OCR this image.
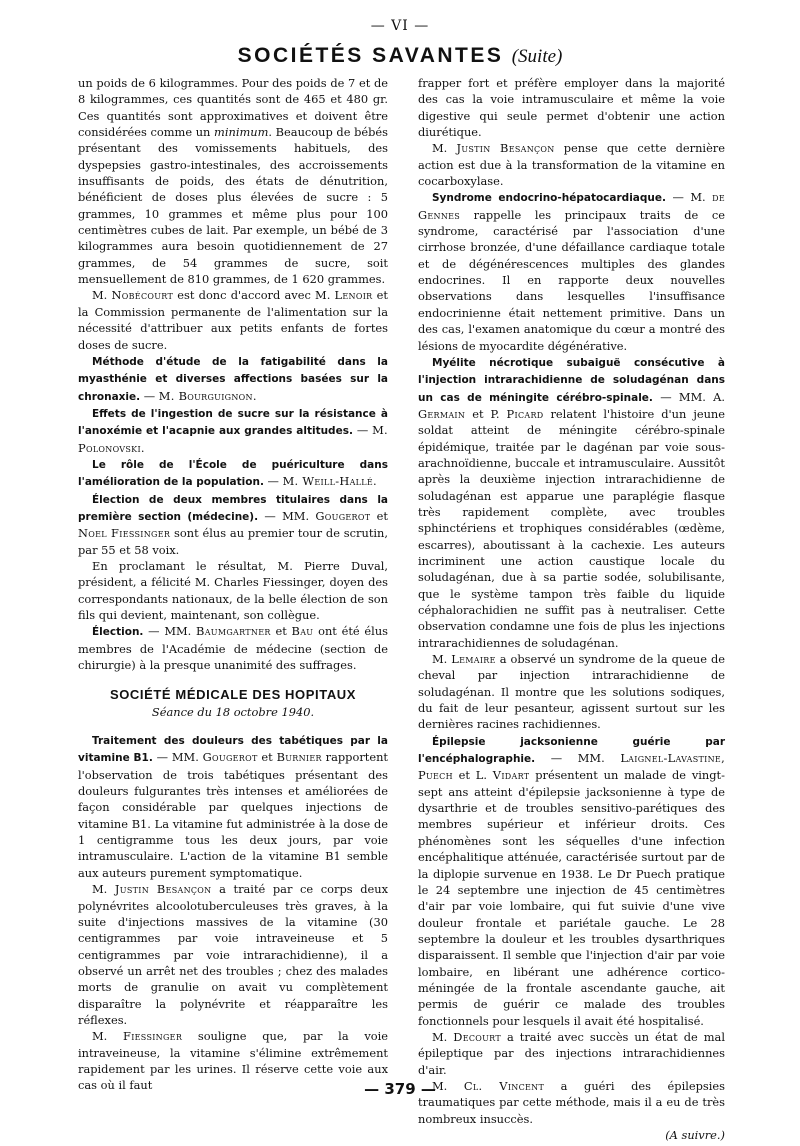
— VI —
SOCIÉTÉS SAVANTES (Suite)

un poids de 6 kilogrammes. Pour des poids de 7 et de 8 kilogrammes, ces quantités sont de 465 et 480 gr. Ces quantités sont approximatives et doivent être considérées comme un minimum. Beaucoup de bébés présentant des vomissements habituels, des dyspepsies gastro-intestinales, des accroissements insuffisants de poids, des états de dénutrition, bénéficient de doses plus élevées de sucre : 5 grammes, 10 grammes et même plus pour 100 centimètres cubes de lait. Par exemple, un bébé de 3 kilogrammes aura besoin quotidiennement de 27 grammes, de 54 grammes de sucre, soit mensuellement de 810 grammes, de 1 620 grammes.

M. Nobécourt est donc d'accord avec M. Lenoir et la Commission permanente de l'alimentation sur la nécessité d'attribuer aux petits enfants de fortes doses de sucre.

Méthode d'étude de la fatigabilité dans la myasthénie et diverses affections basées sur la chronaxie. — M. Bourguignon.

Effets de l'ingestion de sucre sur la résistance à l'anoxémie et l'acapnie aux grandes altitudes. — M. Polonovski.

Le rôle de l'École de puériculture dans l'amélioration de la population. — M. Weill-Hallé.

Élection de deux membres titulaires dans la première section (médecine). — MM. Gougerot et Noel Fiessinger sont élus au premier tour de scrutin, par 55 et 58 voix.

En proclamant le résultat, M. Pierre Duval, président, a félicité M. Charles Fiessinger, doyen des correspondants nationaux, de la belle élection de son fils qui devient, maintenant, son collègue.

Élection. — MM. Baumgartner et Bau ont été élus membres de l'Académie de médecine (section de chirurgie) à la presque unanimité des suffrages.

SOCIÉTÉ MÉDICALE DES HOPITAUX

Séance du 18 octobre 1940.

Traitement des douleurs des tabétiques par la vitamine B1. — MM. Gougerot et Burnier rapportent l'observation de trois tabétiques présentant des douleurs fulgurantes très intenses et améliorées de façon considérable par quelques injections de vitamine B1. La vitamine fut administrée à la dose de 1 centigramme tous les deux jours, par voie intramusculaire. L'action de la vitamine B1 semble aux auteurs purement symptomatique.

M. Justin Besançon a traité par ce corps deux polynévrites alcoolotuberculeuses très graves, à la suite d'injections massives de la vitamine (30 centigrammes par voie intraveineuse et 5 centigrammes par voie intrarachidienne), il a observé un arrêt net des troubles ; chez des malades morts de granulie on avait vu complètement disparaître la polynévrite et réapparaître les réflexes.

M. Fiessinger souligne que, par la voie intraveineuse, la vitamine s'élimine extrêmement rapidement par les urines. Il réserve cette voie aux cas où il faut

frapper fort et préfère employer dans la majorité des cas la voie intramusculaire et même la voie digestive qui seule permet d'obtenir une action diurétique.

M. Justin Besançon pense que cette dernière action est due à la transformation de la vitamine en cocarboxylase.

Syndrome endocrino-hépatocardiaque. — M. de Gennes rappelle les principaux traits de ce syndrome, caractérisé par l'association d'une cirrhose bronzée, d'une défaillance cardiaque totale et de dégénérescences multiples des glandes endocrines. Il en rapporte deux nouvelles observations dans lesquelles l'insuffisance endocrinienne était nettement primitive. Dans un des cas, l'examen anatomique du cœur a montré des lésions de myocardite dégénérative.

Myélite nécrotique subaiguë consécutive à l'injection intrarachidienne de soludagénan dans un cas de méningite cérébro-spinale. — MM. A. Germain et P. Picard relatent l'histoire d'un jeune soldat atteint de méningite cérébro-spinale épidémique, traitée par le dagénan par voie sous-arachnoïdienne, buccale et intramusculaire. Aussitôt après la deuxième injection intrarachidienne de soludagénan est apparue une paraplégie flasque très rapidement complète, avec troubles sphinctériens et trophiques considérables (œdème, escarres), aboutissant à la cachexie. Les auteurs incriminent une action caustique locale du soludagénan, due à sa partie sodée, solubilisante, que le système tampon très faible du liquide céphalorachidien ne suffit pas à neutraliser. Cette observation condamne une fois de plus les injections intrarachidiennes de soludagénan.

M. Lemaire a observé un syndrome de la queue de cheval par injection intrarachidienne de soludagénan. Il montre que les solutions sodiques, du fait de leur pesanteur, agissent surtout sur les dernières racines rachidiennes.

Épilepsie jacksonienne guérie par l'encéphalographie. — MM. Laignel-Lavastine, Puech et L. Vidart présentent un malade de vingt-sept ans atteint d'épilepsie jacksonienne à type de dysarthrie et de troubles sensitivo-parétiques des membres supérieur et inférieur droits. Ces phénomènes sont les séquelles d'une infection encéphalitique atténuée, caractérisée surtout par de la diplopie survenue en 1938. Le Dr Puech pratique le 24 septembre une injection de 45 centimètres d'air par voie lombaire, qui fut suivie d'une vive douleur frontale et pariétale gauche. Le 28 septembre la douleur et les troubles dysarthriques disparaissent. Il semble que l'injection d'air par voie lombaire, en libérant une adhérence cortico-méningée de la frontale ascendante gauche, ait permis de guérir ce malade des troubles fonctionnels pour lesquels il avait été hospitalisé.

M. Decourt a traité avec succès un état de mal épileptique par des injections intrarachidiennes d'air.

M. Cl. Vincent a guéri des épilepsies traumatiques par cette méthode, mais il a eu de très nombreux insuccès.

(A suivre.)

— 379 —
